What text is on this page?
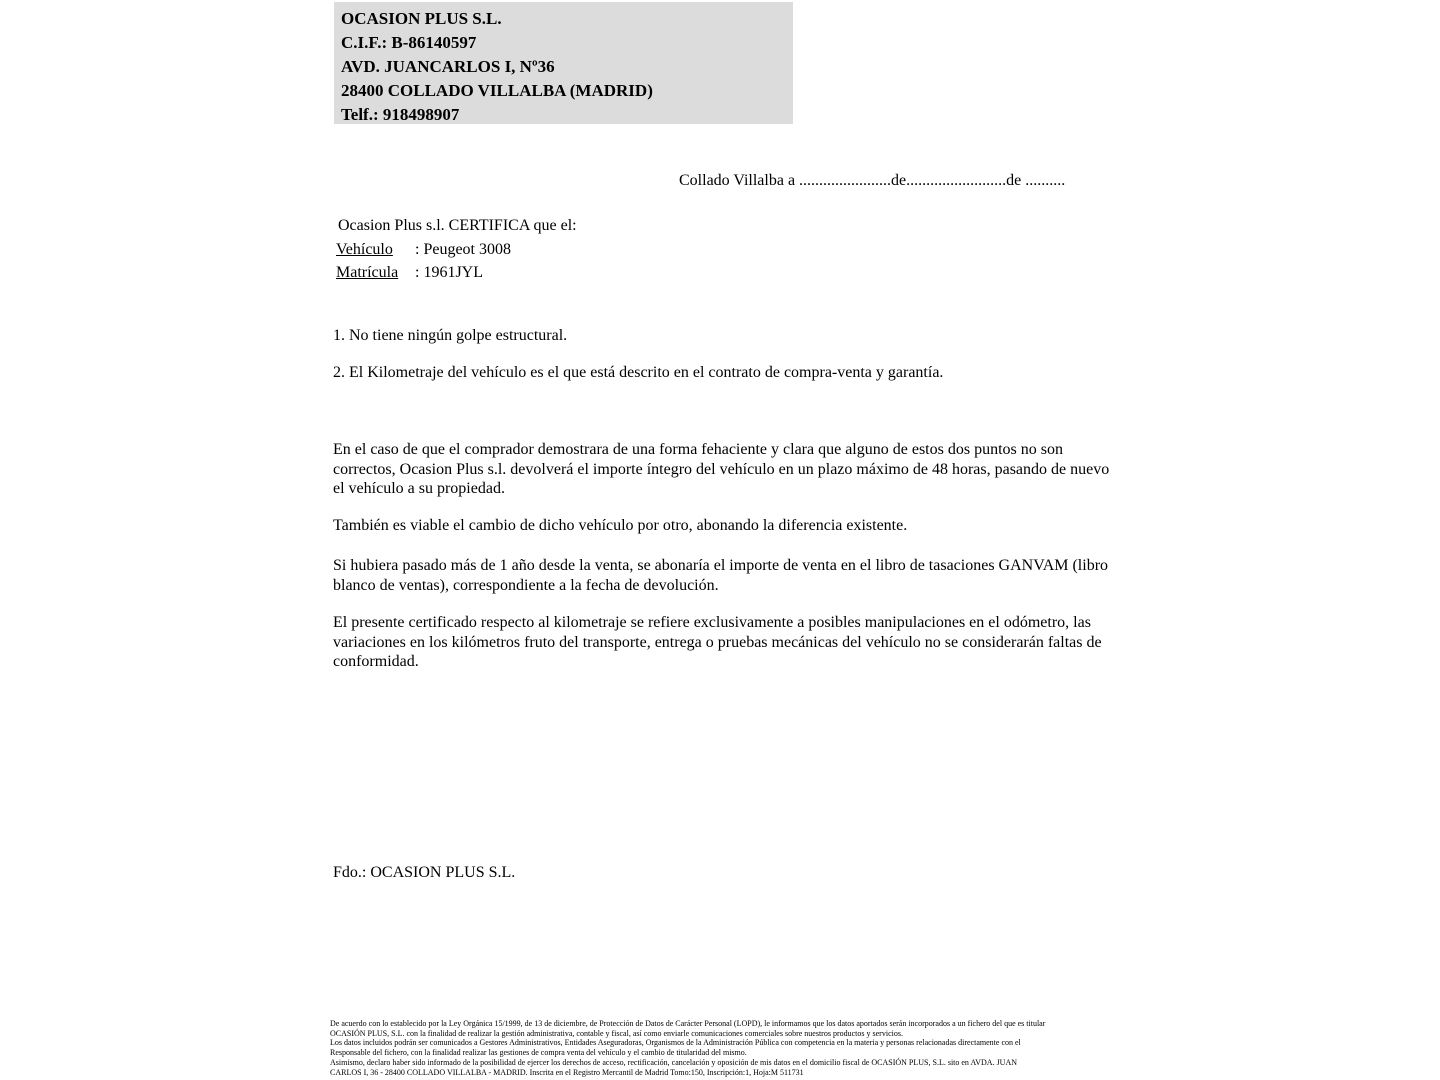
OCASION PLUS S.L.
C.I.F.: B-86140597
AVD. JUANCARLOS I, Nº36
28400 COLLADO VILLALBA (MADRID)
Telf.: 918498907
Collado Villalba a .......................de.........................de ..........
Ocasion Plus s.l. CERTIFICA que el:
Vehículo : Peugeot 3008
Matrícula : 1961JYL
1. No tiene ningún golpe estructural.
2. El Kilometraje del vehículo es el que está descrito en el contrato de compra-venta y garantía.
En el caso de que el comprador demostrara de una forma fehaciente y clara que alguno de estos dos puntos no son correctos, Ocasion Plus s.l. devolverá el importe íntegro del vehículo en un plazo máximo de 48 horas, pasando de nuevo el vehículo a su propiedad.
También es viable el cambio de dicho vehículo por otro, abonando la diferencia existente.
Si hubiera pasado más de 1 año desde la venta, se abonaría el importe de venta en el libro de tasaciones GANVAM (libro blanco de ventas), correspondiente a la fecha de devolución.
El presente certificado respecto al kilometraje se refiere exclusivamente a posibles manipulaciones en el odómetro, las variaciones en los kilómetros fruto del transporte, entrega o pruebas mecánicas del vehículo no se considerarán faltas de conformidad.
Fdo.: OCASION PLUS S.L.
De acuerdo con lo establecido por la Ley Orgánica 15/1999, de 13 de diciembre, de Protección de Datos de Carácter Personal (LOPD), le informamos que los datos aportados serán incorporados a un fichero del que es titular
OCASIÓN PLUS, S.L. con la finalidad de realizar la gestión administrativa, contable y fiscal, así como enviarle comunicaciones comerciales sobre nuestros productos y servicios.
Los datos incluidos podrán ser comunicados a Gestores Administrativos, Entidades Aseguradoras, Organismos de la Administración Pública con competencia en la materia y personas relacionadas directamente con el
Responsable del fichero, con la finalidad realizar las gestiones de compra venta del vehículo y el cambio de titularidad del mismo.
Asimismo, declaro haber sido informado de la posibilidad de ejercer los derechos de acceso, rectificación, cancelación y oposición de mis datos en el domicilio fiscal de OCASIÓN PLUS, S.L. sito en AVDA. JUAN
CARLOS I, 36 - 28400 COLLADO VILLALBA - MADRID. Inscrita en el Registro Mercantil de Madrid Tomo:150, Inscripción:1, Hoja:M 511731
